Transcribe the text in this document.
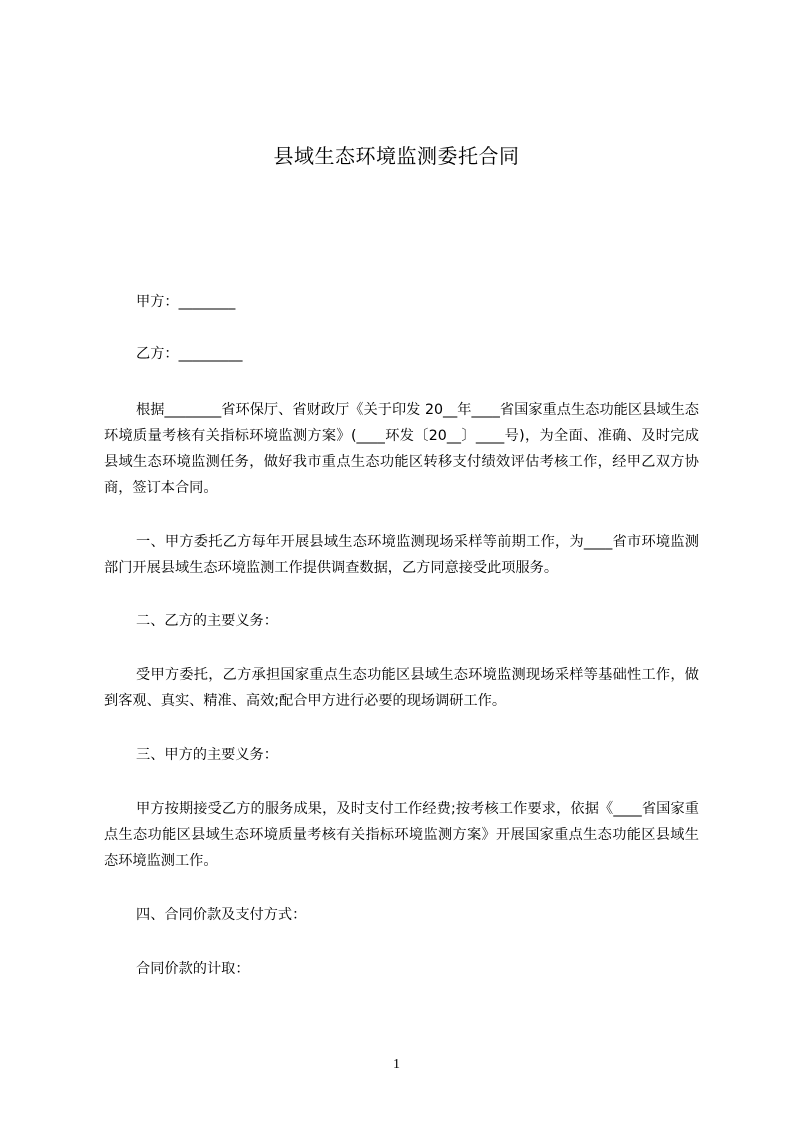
县域生态环境监测委托合同

甲方：________

乙方：_________

根据________省环保厅、省财政厅《关于印发 20__年____省国家重点生态功能区县域生态环境质量考核有关指标环境监测方案》(____环发〔20__〕____号)，为全面、准确、及时完成县域生态环境监测任务，做好我市重点生态功能区转移支付绩效评估考核工作，经甲乙双方协商，签订本合同。

一、甲方委托乙方每年开展县域生态环境监测现场采样等前期工作，为____省市环境监测部门开展县域生态环境监测工作提供调查数据，乙方同意接受此项服务。

二、乙方的主要义务：

受甲方委托，乙方承担国家重点生态功能区县域生态环境监测现场采样等基础性工作，做到客观、真实、精准、高效;配合甲方进行必要的现场调研工作。

三、甲方的主要义务：

甲方按期接受乙方的服务成果，及时支付工作经费;按考核工作要求，依据《____省国家重点生态功能区县域生态环境质量考核有关指标环境监测方案》开展国家重点生态功能区县域生态环境监测工作。

四、合同价款及支付方式：

合同价款的计取：

1
